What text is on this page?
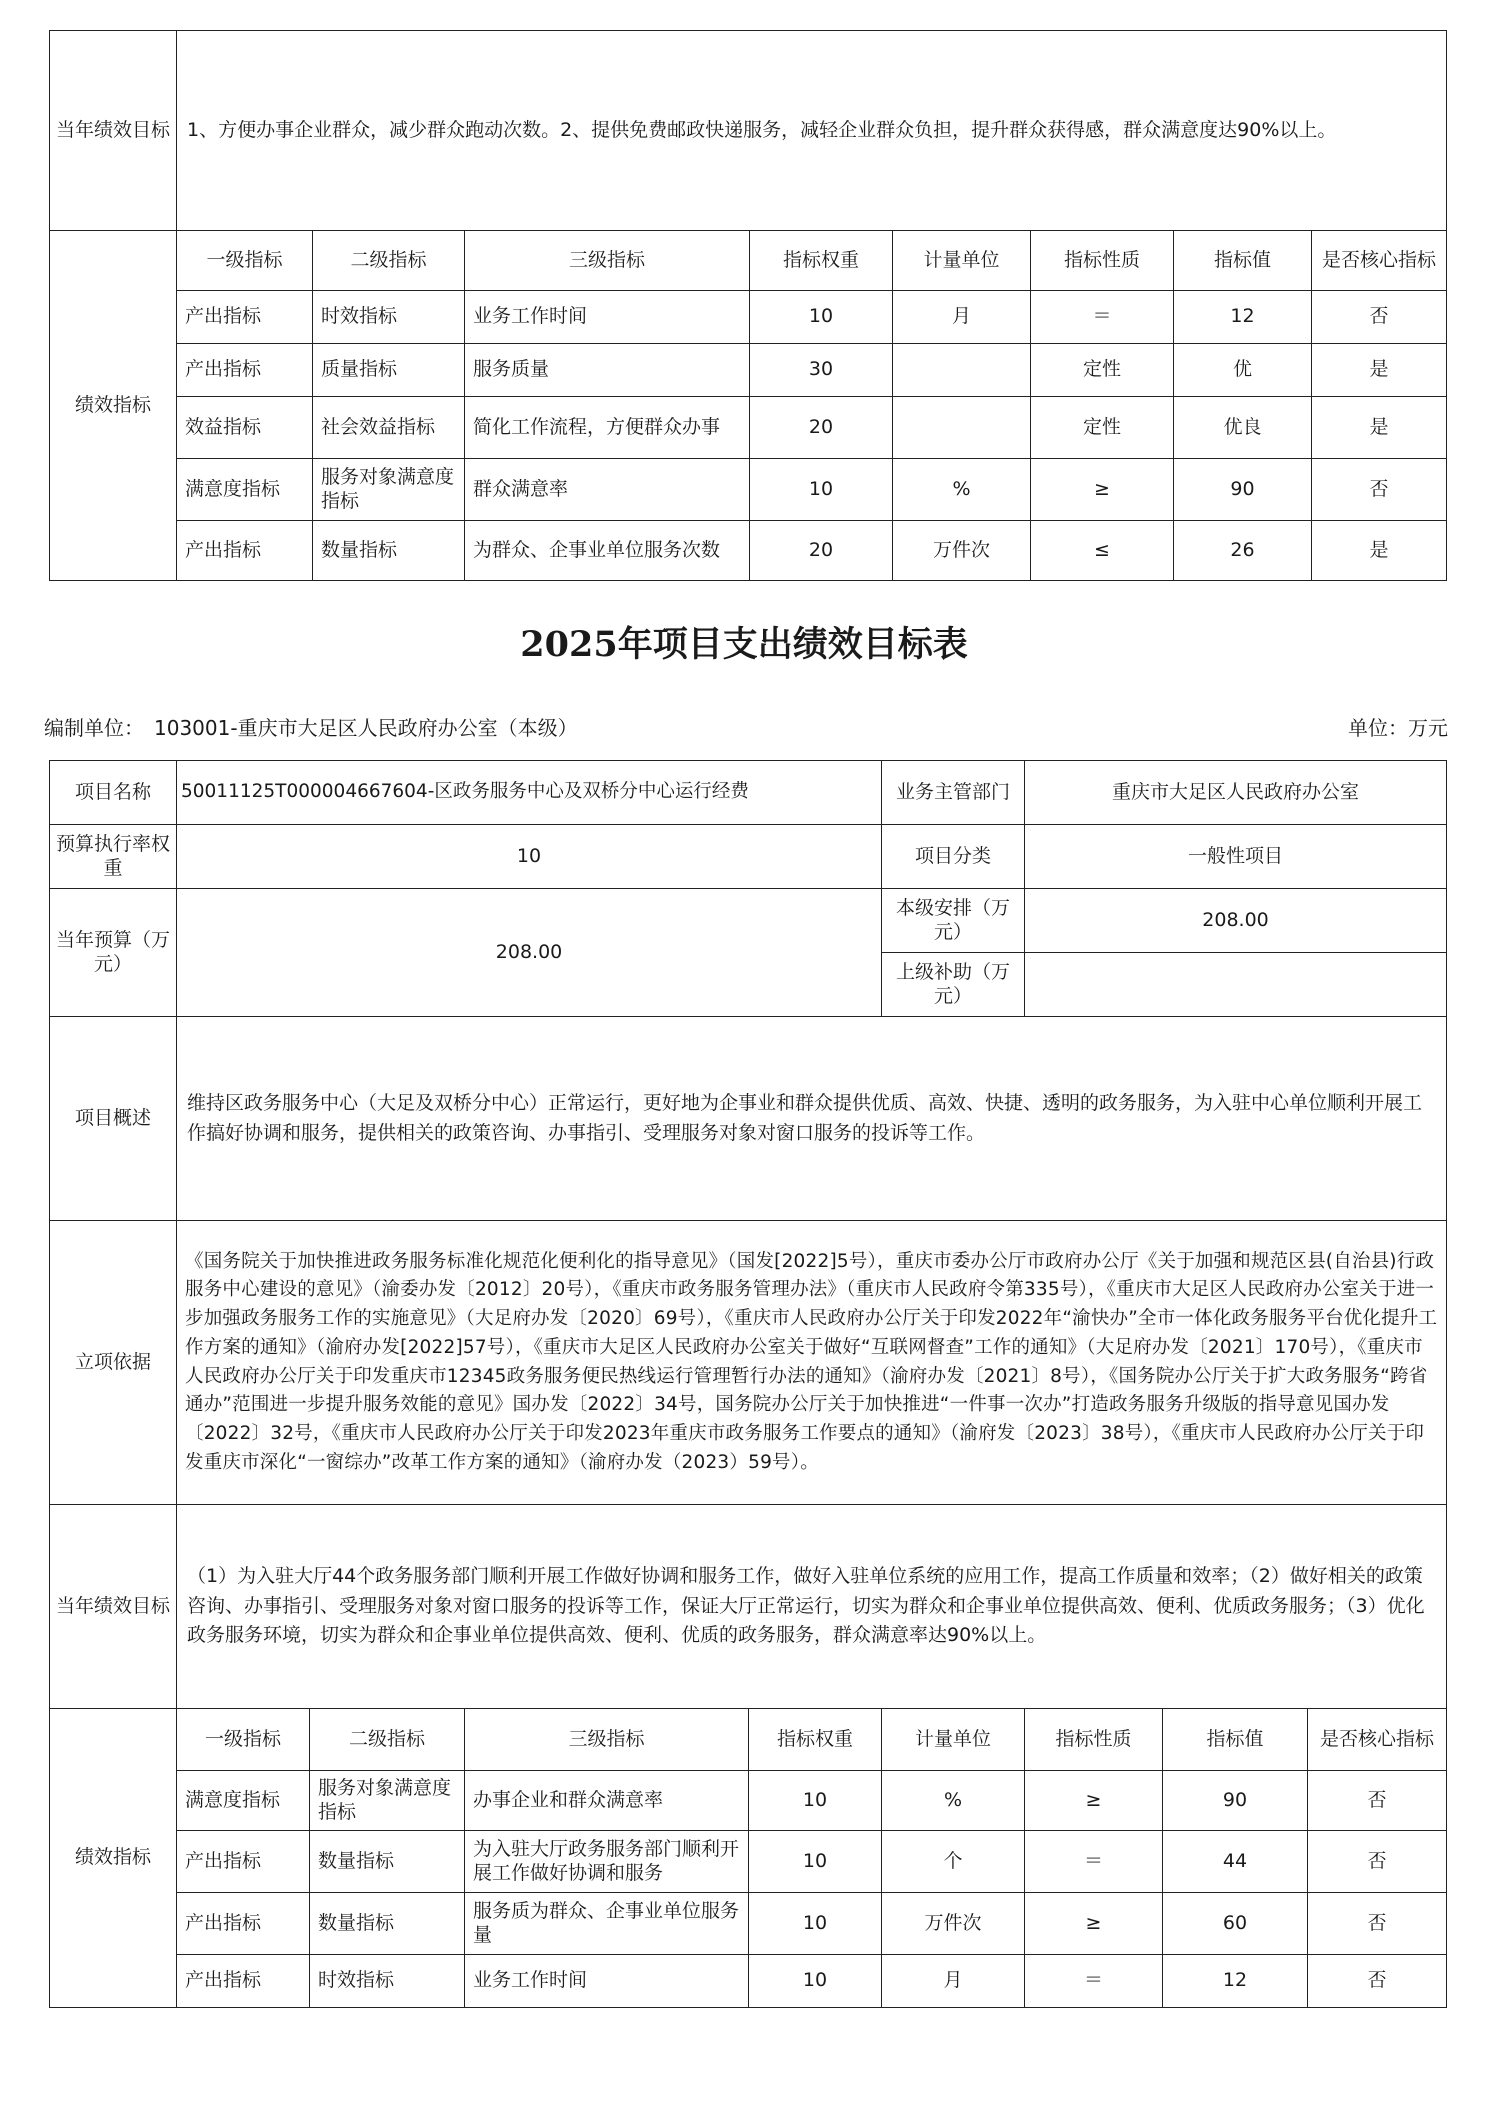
当年绩效目标	1、方便办事企业群众，减少群众跑动次数。2、提供免费邮政快递服务，减轻企业群众负担，提升群众获得感，群众满意度达90%以上。							
绩效指标	一级指标	二级指标	三级指标	指标权重	计量单位	指标性质	指标值	是否核心指标
	产出指标	时效指标	业务工作时间	10	月	＝	12	否
	产出指标	质量指标	服务质量	30		定性	优	是
	效益指标	社会效益指标	简化工作流程，方便群众办事	20		定性	优良	是
	满意度指标	服务对象满意度指标	群众满意率	10	%	≥	90	否
	产出指标	数量指标	为群众、企事业单位服务次数	20	万件次	≤	26	是
2025年项目支出绩效目标表
编制单位：　103001-重庆市大足区人民政府办公室（本级）	单位：万元
项目名称	50011125T000004667604-区政务服务中心及双桥分中心运行经费				业务主管部门	重庆市大足区人民政府办公室		
预算执行率权重	10				项目分类	一般性项目		
当年预算（万元）	208.00				本级安排（万元）	208.00		
					上级补助（万元）			
项目概述	维持区政务服务中心（大足及双桥分中心）正常运行，更好地为企事业和群众提供优质、高效、快捷、透明的政务服务，为入驻中心单位顺利开展工作搞好协调和服务，提供相关的政策咨询、办事指引、受理服务对象对窗口服务的投诉等工作。							
立项依据	《国务院关于加快推进政务服务标准化规范化便利化的指导意见》（国发[2022]5号），重庆市委办公厅市政府办公厅《关于加强和规范区县(自治县)行政服务中心建设的意见》（渝委办发〔2012〕20号），《重庆市政务服务管理办法》（重庆市人民政府令第335号），《重庆市大足区人民政府办公室关于进一步加强政务服务工作的实施意见》（大足府办发〔2020〕69号），《重庆市人民政府办公厅关于印发2022年“渝快办”全市一体化政务服务平台优化提升工作方案的通知》（渝府办发[2022]57号），《重庆市大足区人民政府办公室关于做好“互联网督查”工作的通知》（大足府办发〔2021〕170号），《重庆市人民政府办公厅关于印发重庆市12345政务服务便民热线运行管理暂行办法的通知》（渝府办发〔2021〕8号），《国务院办公厅关于扩大政务服务“跨省通办”范围进一步提升服务效能的意见》国办发〔2022〕34号，国务院办公厅关于加快推进“一件事一次办”打造政务服务升级版的指导意见国办发〔2022〕32号，《重庆市人民政府办公厅关于印发2023年重庆市政务服务工作要点的通知》（渝府发〔2023〕38号），《重庆市人民政府办公厅关于印发重庆市深化“一窗综办”改革工作方案的通知》（渝府办发（2023）59号）。							
当年绩效目标	（1）为入驻大厅44个政务服务部门顺利开展工作做好协调和服务工作，做好入驻单位系统的应用工作，提高工作质量和效率；（2）做好相关的政策咨询、办事指引、受理服务对象对窗口服务的投诉等工作，保证大厅正常运行，切实为群众和企事业单位提供高效、便利、优质政务服务；（3）优化政务服务环境，切实为群众和企事业单位提供高效、便利、优质的政务服务，群众满意率达90%以上。							
绩效指标	一级指标	二级指标	三级指标	指标权重	计量单位	指标性质	指标值	是否核心指标
	满意度指标	服务对象满意度指标	办事企业和群众满意率	10	%	≥	90	否
	产出指标	数量指标	为入驻大厅政务服务部门顺利开展工作做好协调和服务	10	个	＝	44	否
	产出指标	数量指标	服务质为群众、企事业单位服务量	10	万件次	≥	60	否
	产出指标	时效指标	业务工作时间	10	月	＝	12	否
